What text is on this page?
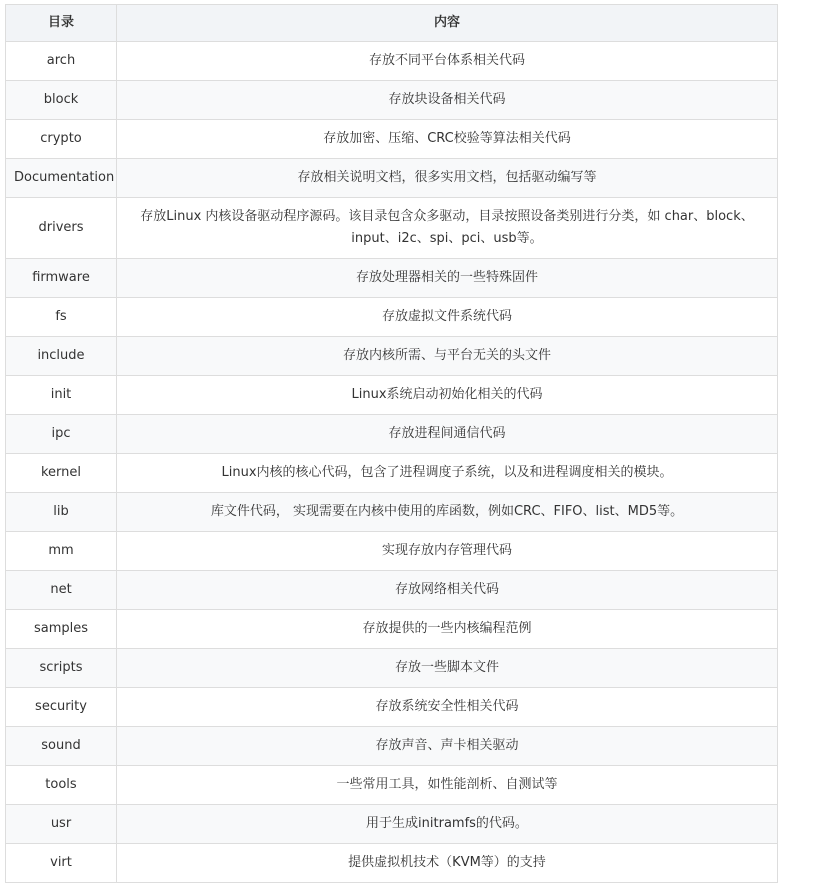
目录	内容
arch	存放不同平台体系相关代码
block	存放块设备相关代码
crypto	存放加密、压缩、CRC校验等算法相关代码
Documentation	存放相关说明文档，很多实用文档，包括驱动编写等
drivers	存放Linux 内核设备驱动程序源码。该目录包含众多驱动，目录按照设备类别进行分类，如 char、block、input、i2c、spi、pci、usb等。
firmware	存放处理器相关的一些特殊固件
fs	存放虚拟文件系统代码
include	存放内核所需、与平台无关的头文件
init	Linux系统启动初始化相关的代码
ipc	存放进程间通信代码
kernel	Linux内核的核心代码，包含了进程调度子系统，以及和进程调度相关的模块。
lib	库文件代码， 实现需要在内核中使用的库函数，例如CRC、FIFO、list、MD5等。
mm	实现存放内存管理代码
net	存放网络相关代码
samples	存放提供的一些内核编程范例
scripts	存放一些脚本文件
security	存放系统安全性相关代码
sound	存放声音、声卡相关驱动
tools	一些常用工具，如性能剖析、自测试等
usr	用于生成initramfs的代码。
virt	提供虚拟机技术（KVM等）的支持
